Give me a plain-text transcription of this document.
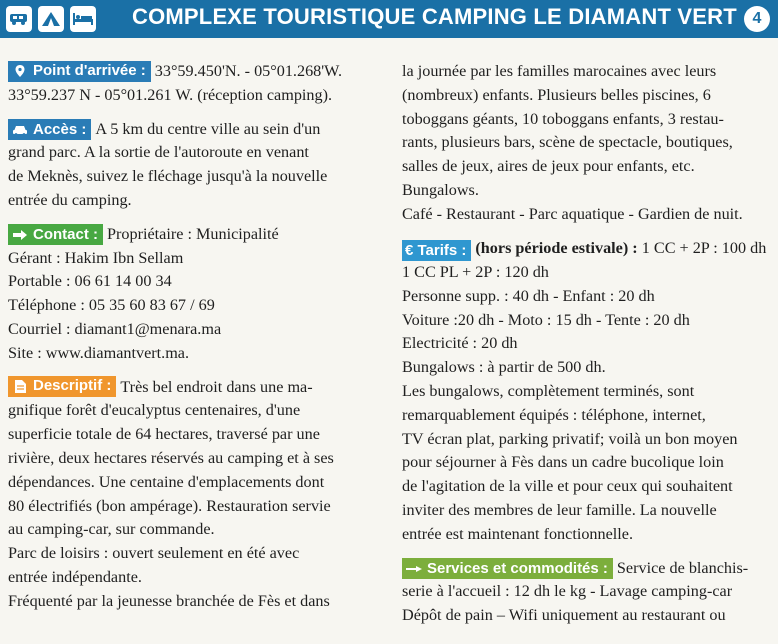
COMPLEXE TOURISTIQUE CAMPING LE DIAMANT VERT 4
Point d'arrivée : 33°59.450'N. - 05°01.268'W.
33°59.237 N - 05°01.261 W. (réception camping).
Accès : A 5 km du centre ville au sein d'un
grand parc. A la sortie de l'autoroute en venant
de Meknès, suivez le fléchage jusqu'à la nouvelle
entrée du camping.
Contact : Propriétaire : Municipalité
Gérant : Hakim Ibn Sellam
Portable : 06 61 14 00 34
Téléphone : 05 35 60 83 67 / 69
Courriel : diamant1@menara.ma
Site : www.diamantvert.ma.
Descriptif : Très bel endroit dans une ma-
gnifique forêt d'eucalyptus centenaires, d'une
superficie totale de 64 hectares, traversé par une
rivière, deux hectares réservés au camping et à ses
dépendances. Une centaine d'emplacements dont
80 électrifiés (bon ampérage). Restauration servie
au camping-car, sur commande.
Parc de loisirs : ouvert seulement en été avec
entrée indépendante.
Fréquenté par la jeunesse branchée de Fès et dans
la journée par les familles marocaines avec leurs
(nombreux) enfants. Plusieurs belles piscines, 6
toboggans géants, 10 toboggans enfants, 3 restau-
rants, plusieurs bars, scène de spectacle, boutiques,
salles de jeux, aires de jeux pour enfants, etc.
Bungalows.
Café - Restaurant - Parc aquatique - Gardien de nuit.
€ Tarifs : (hors période estivale) : 1 CC + 2P : 100 dh
1 CC PL + 2P : 120 dh
Personne supp. : 40 dh - Enfant : 20 dh
Voiture :20 dh - Moto : 15 dh - Tente : 20 dh
Electricité : 20 dh
Bungalows : à partir de 500 dh.
Les bungalows, complètement terminés, sont
remarquablement équipés : téléphone, internet,
TV écran plat, parking privatif; voilà un bon moyen
pour séjourner à Fès dans un cadre bucolique loin
de l'agitation de la ville et pour ceux qui souhaitent
inviter des membres de leur famille. La nouvelle
entrée est maintenant fonctionnelle.
Services et commodités : Service de blanchis-
serie à l'accueil : 12 dh le kg - Lavage camping-car
Dépôt de pain – Wifi uniquement au restaurant ou
